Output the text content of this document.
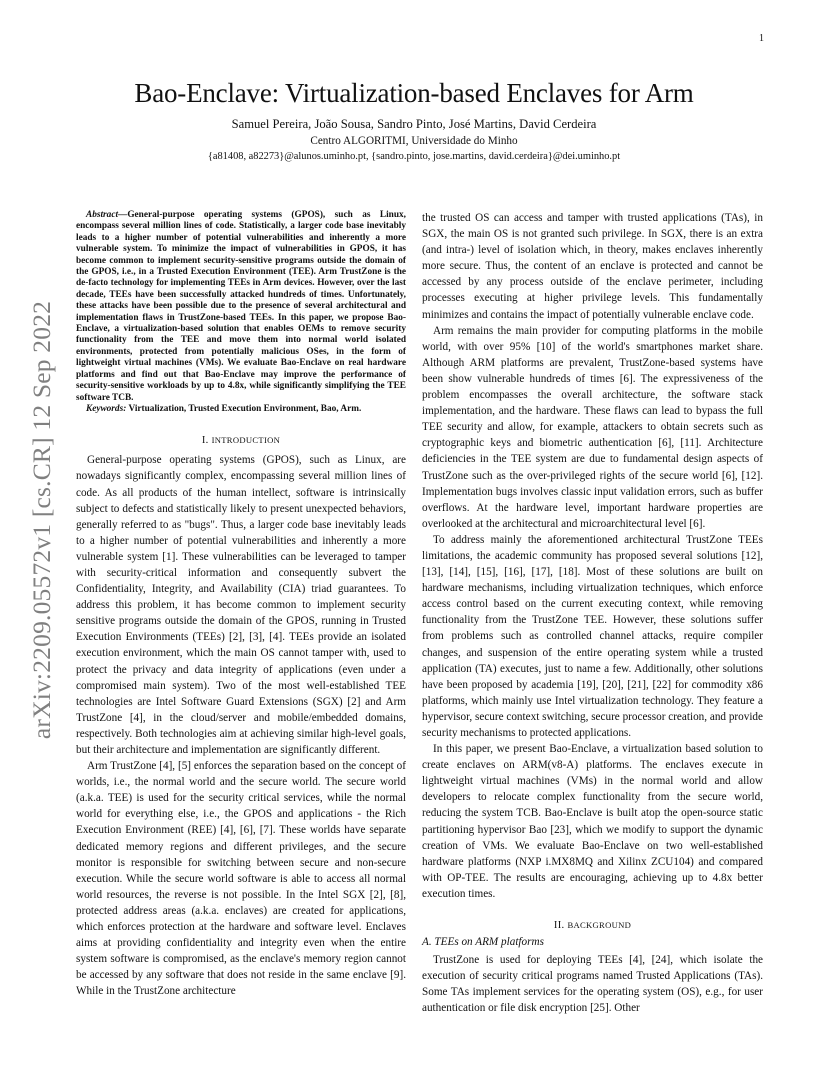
1
arXiv:2209.05572v1 [cs.CR] 12 Sep 2022
Bao-Enclave: Virtualization-based Enclaves for Arm
Samuel Pereira, João Sousa, Sandro Pinto, José Martins, David Cerdeira
Centro ALGORITMI, Universidade do Minho
{a81408, a82273}@alunos.uminho.pt, {sandro.pinto, jose.martins, david.cerdeira}@dei.uminho.pt

Abstract—General-purpose operating systems (GPOS), such as Linux, encompass several million lines of code. Statistically, a larger code base inevitably leads to a higher number of potential vulnerabilities and inherently a more vulnerable system. To minimize the impact of vulnerabilities in GPOS, it has become common to implement security-sensitive programs outside the domain of the GPOS, i.e., in a Trusted Execution Environment (TEE). Arm TrustZone is the de-facto technology for implementing TEEs in Arm devices. However, over the last decade, TEEs have been successfully attacked hundreds of times. Unfortunately, these attacks have been possible due to the presence of several architectural and implementation flaws in TrustZone-based TEEs. In this paper, we propose Bao-Enclave, a virtualization-based solution that enables OEMs to remove security functionality from the TEE and move them into normal world isolated environments, protected from potentially malicious OSes, in the form of lightweight virtual machines (VMs). We evaluate Bao-Enclave on real hardware platforms and find out that Bao-Enclave may improve the performance of security-sensitive workloads by up to 4.8x, while significantly simplifying the TEE software TCB.

Keywords: Virtualization, Trusted Execution Environment, Bao, Arm.

I. INTRODUCTION

General-purpose operating systems (GPOS), such as Linux, are nowadays significantly complex, encompassing several million lines of code. As all products of the human intellect, software is intrinsically subject to defects and statistically likely to present unexpected behaviors, generally referred to as "bugs". Thus, a larger code base inevitably leads to a higher number of potential vulnerabilities and inherently a more vulnerable system [1]. These vulnerabilities can be leveraged to tamper with security-critical information and consequently subvert the Confidentiality, Integrity, and Availability (CIA) triad guarantees. To address this problem, it has become common to implement security sensitive programs outside the domain of the GPOS, running in Trusted Execution Environments (TEEs) [2], [3], [4]. TEEs provide an isolated execution environment, which the main OS cannot tamper with, used to protect the privacy and data integrity of applications (even under a compromised main system). Two of the most well-established TEE technologies are Intel Software Guard Extensions (SGX) [2] and Arm TrustZone [4], in the cloud/server and mobile/embedded domains, respectively. Both technologies aim at achieving similar high-level goals, but their architecture and implementation are significantly different.

Arm TrustZone [4], [5] enforces the separation based on the concept of worlds, i.e., the normal world and the secure world. The secure world (a.k.a. TEE) is used for the security critical services, while the normal world for everything else, i.e., the GPOS and applications - the Rich Execution Environment (REE) [4], [6], [7]. These worlds have separate dedicated memory regions and different privileges, and the secure monitor is responsible for switching between secure and non-secure execution. While the secure world software is able to access all normal world resources, the reverse is not possible. In the Intel SGX [2], [8], protected address areas (a.k.a. enclaves) are created for applications, which enforces protection at the hardware and software level. Enclaves aims at providing confidentiality and integrity even when the entire system software is compromised, as the enclave's memory region cannot be accessed by any software that does not reside in the same enclave [9]. While in the TrustZone architecture

the trusted OS can access and tamper with trusted applications (TAs), in SGX, the main OS is not granted such privilege. In SGX, there is an extra (and intra-) level of isolation which, in theory, makes enclaves inherently more secure. Thus, the content of an enclave is protected and cannot be accessed by any process outside of the enclave perimeter, including processes executing at higher privilege levels. This fundamentally minimizes and contains the impact of potentially vulnerable enclave code.

Arm remains the main provider for computing platforms in the mobile world, with over 95% [10] of the world's smartphones market share. Although ARM platforms are prevalent, TrustZone-based systems have been show vulnerable hundreds of times [6]. The expressiveness of the problem encompasses the overall architecture, the software stack implementation, and the hardware. These flaws can lead to bypass the full TEE security and allow, for example, attackers to obtain secrets such as cryptographic keys and biometric authentication [6], [11]. Architecture deficiencies in the TEE system are due to fundamental design aspects of TrustZone such as the over-privileged rights of the secure world [6], [12]. Implementation bugs involves classic input validation errors, such as buffer overflows. At the hardware level, important hardware properties are overlooked at the architectural and microarchitectural level [6].

To address mainly the aforementioned architectural TrustZone TEEs limitations, the academic community has proposed several solutions [12], [13], [14], [15], [16], [17], [18]. Most of these solutions are built on hardware mechanisms, including virtualization techniques, which enforce access control based on the current executing context, while removing functionality from the TrustZone TEE. However, these solutions suffer from problems such as controlled channel attacks, require compiler changes, and suspension of the entire operating system while a trusted application (TA) executes, just to name a few. Additionally, other solutions have been proposed by academia [19], [20], [21], [22] for commodity x86 platforms, which mainly use Intel virtualization technology. They feature a hypervisor, secure context switching, secure processor creation, and provide security mechanisms to protected applications.

In this paper, we present Bao-Enclave, a virtualization based solution to create enclaves on ARM(v8-A) platforms. The enclaves execute in lightweight virtual machines (VMs) in the normal world and allow developers to relocate complex functionality from the secure world, reducing the system TCB. Bao-Enclave is built atop the open-source static partitioning hypervisor Bao [23], which we modify to support the dynamic creation of VMs. We evaluate Bao-Enclave on two well-established hardware platforms (NXP i.MX8MQ and Xilinx ZCU104) and compared with OP-TEE. The results are encouraging, achieving up to 4.8x better execution times.

II. BACKGROUND

A. TEEs on ARM platforms

TrustZone is used for deploying TEEs [4], [24], which isolate the execution of security critical programs named Trusted Applications (TAs). Some TAs implement services for the operating system (OS), e.g., for user authentication or file disk encryption [25]. Other
